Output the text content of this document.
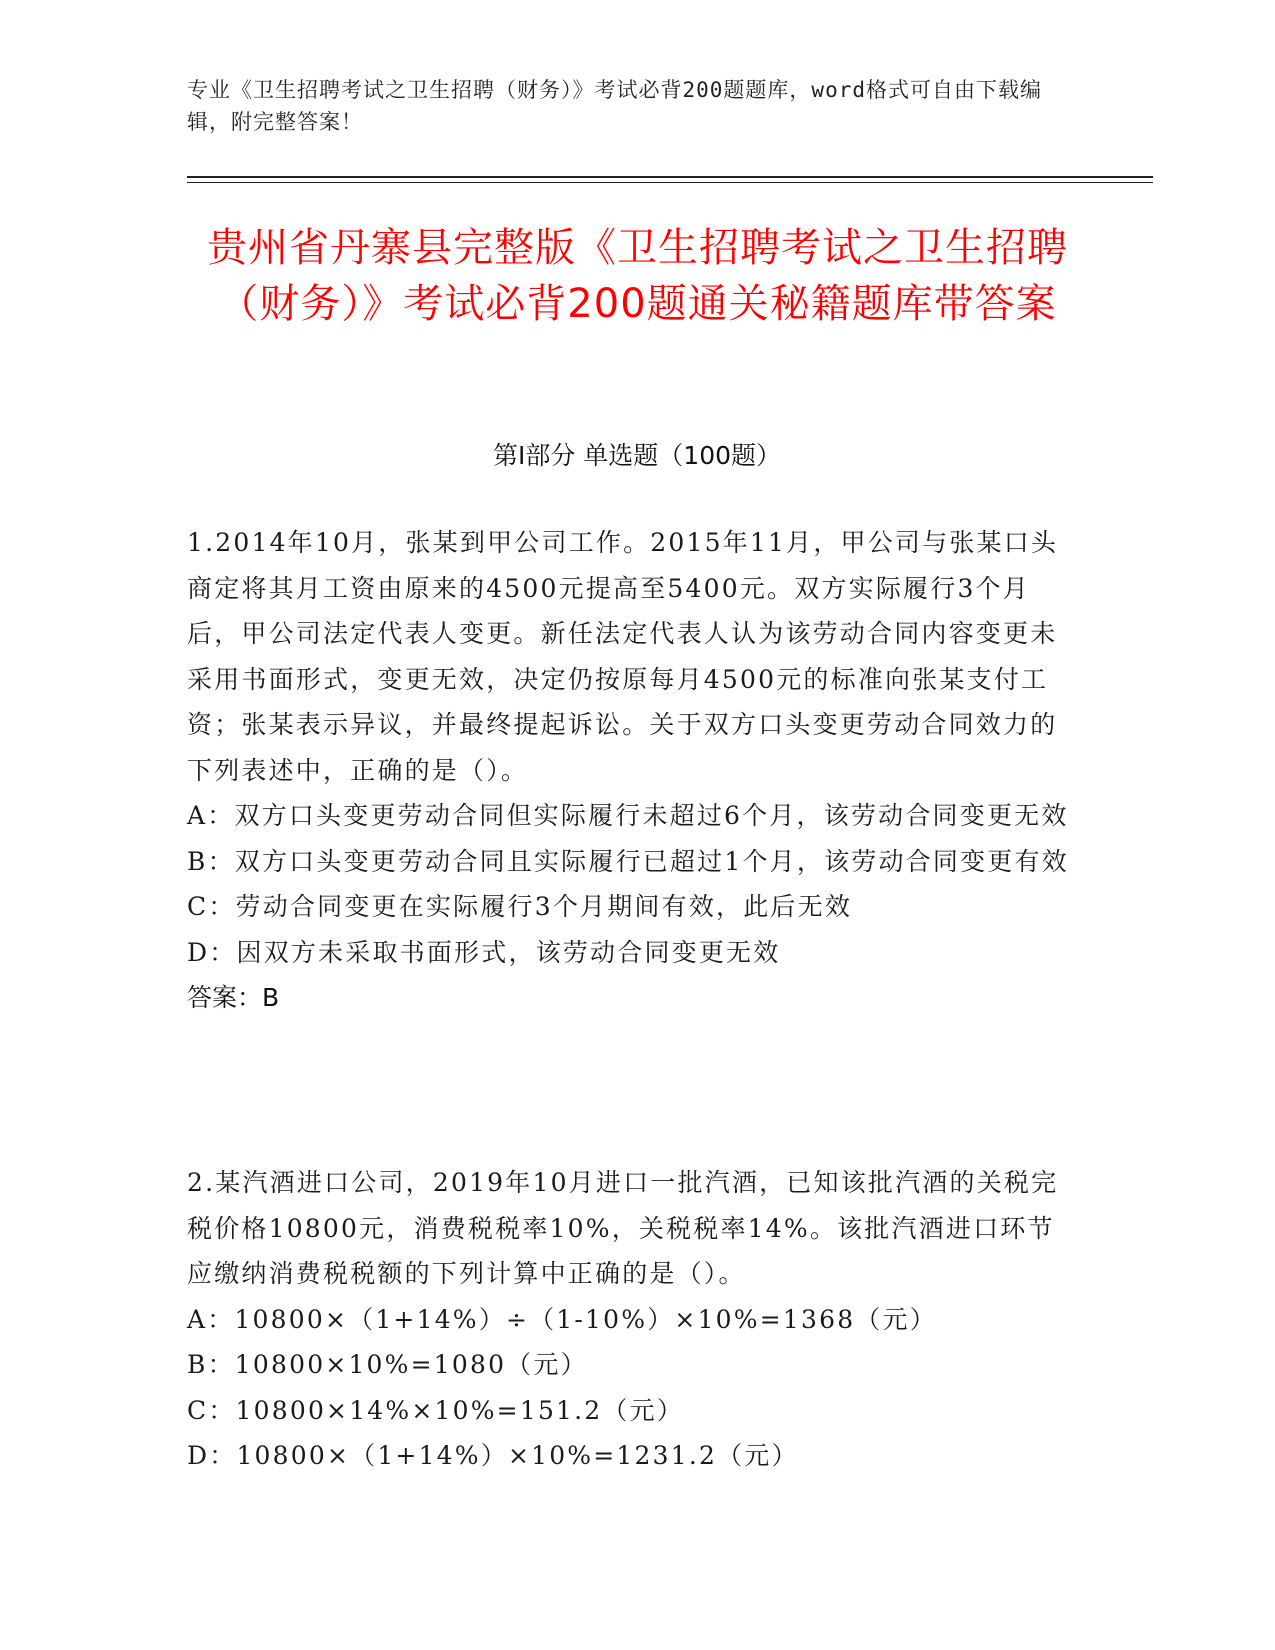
专业《卫生招聘考试之卫生招聘（财务）》考试必背200题题库，word格式可自由下载编辑，附完整答案！
贵州省丹寨县完整版《卫生招聘考试之卫生招聘（财务）》考试必背200题通关秘籍题库带答案
第Ⅰ部分 单选题（100题）
1.2014年10月，张某到甲公司工作。2015年11月，甲公司与张某口头商定将其月工资由原来的4500元提高至5400元。双方实际履行3个月后，甲公司法定代表人变更。新任法定代表人认为该劳动合同内容变更未采用书面形式，变更无效，决定仍按原每月4500元的标准向张某支付工资；张某表示异议，并最终提起诉讼。关于双方口头变更劳动合同效力的下列表述中，正确的是（）。
A：双方口头变更劳动合同但实际履行未超过6个月，该劳动合同变更无效
B：双方口头变更劳动合同且实际履行已超过1个月，该劳动合同变更有效
C：劳动合同变更在实际履行3个月期间有效，此后无效
D：因双方未采取书面形式，该劳动合同变更无效
答案：B
2.某汽酒进口公司，2019年10月进口一批汽酒，已知该批汽酒的关税完税价格10800元，消费税税率10%，关税税率14%。该批汽酒进口环节应缴纳消费税税额的下列计算中正确的是（）。
A：10800×（1+14%）÷（1-10%）×10%=1368（元）
B：10800×10%=1080（元）
C：10800×14%×10%=151.2（元）
D：10800×（1+14%）×10%=1231.2（元）
